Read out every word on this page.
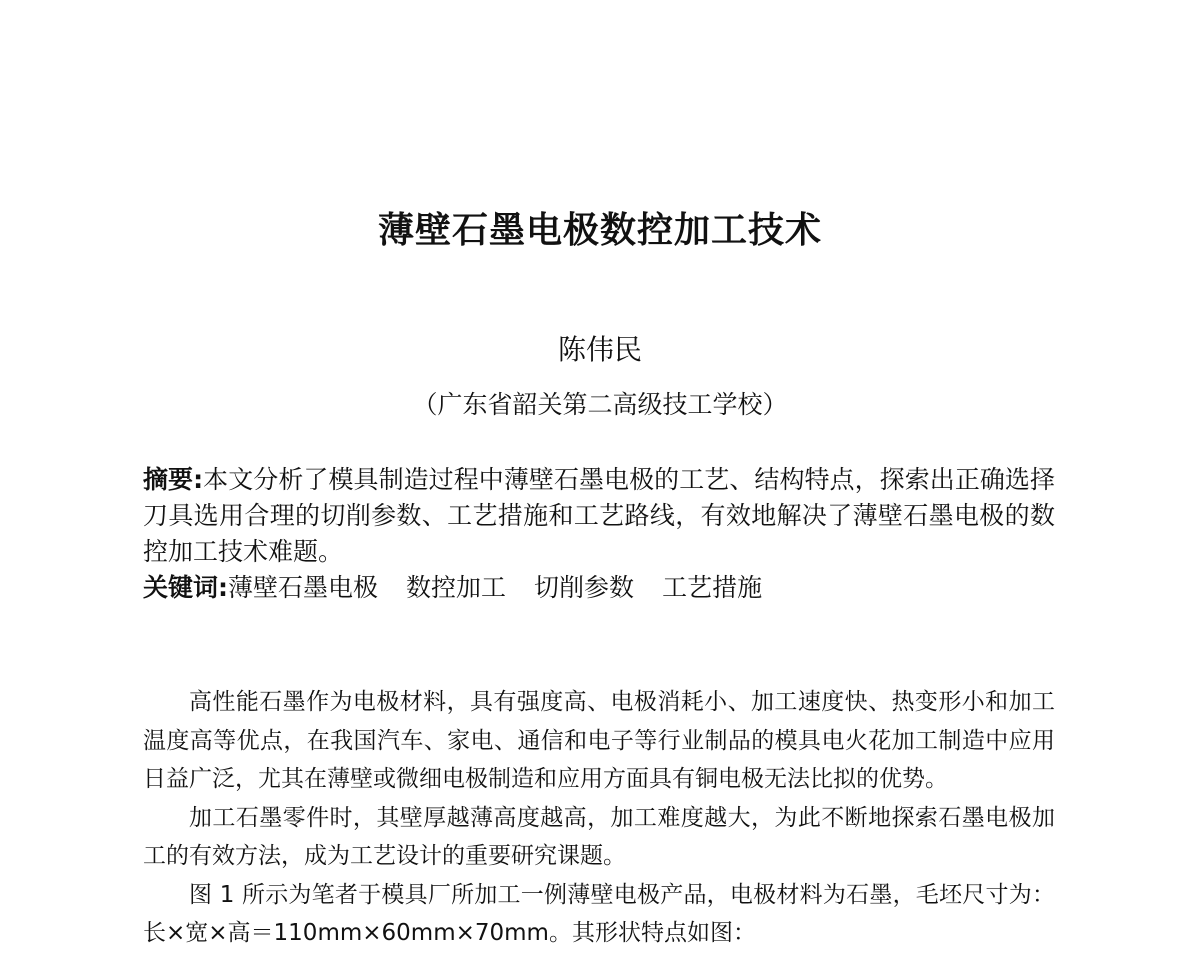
薄壁石墨电极数控加工技术
陈伟民
（广东省韶关第二高级技工学校）

摘要:本文分析了模具制造过程中薄壁石墨电极的工艺、结构特点，探索出正确选择刀具选用合理的切削参数、工艺措施和工艺路线，有效地解决了薄壁石墨电极的数控加工技术难题。

关键词:薄壁石墨电极 数控加工 切削参数 工艺措施

高性能石墨作为电极材料，具有强度高、电极消耗小、加工速度快、热变形小和加工温度高等优点，在我国汽车、家电、通信和电子等行业制品的模具电火花加工制造中应用日益广泛，尤其在薄壁或微细电极制造和应用方面具有铜电极无法比拟的优势。

加工石墨零件时，其壁厚越薄高度越高，加工难度越大，为此不断地探索石墨电极加工的有效方法，成为工艺设计的重要研究课题。

图 1 所示为笔者于模具厂所加工一例薄壁电极产品，电极材料为石墨，毛坯尺寸为：长×宽×高＝110mm×60mm×70mm。其形状特点如图：
